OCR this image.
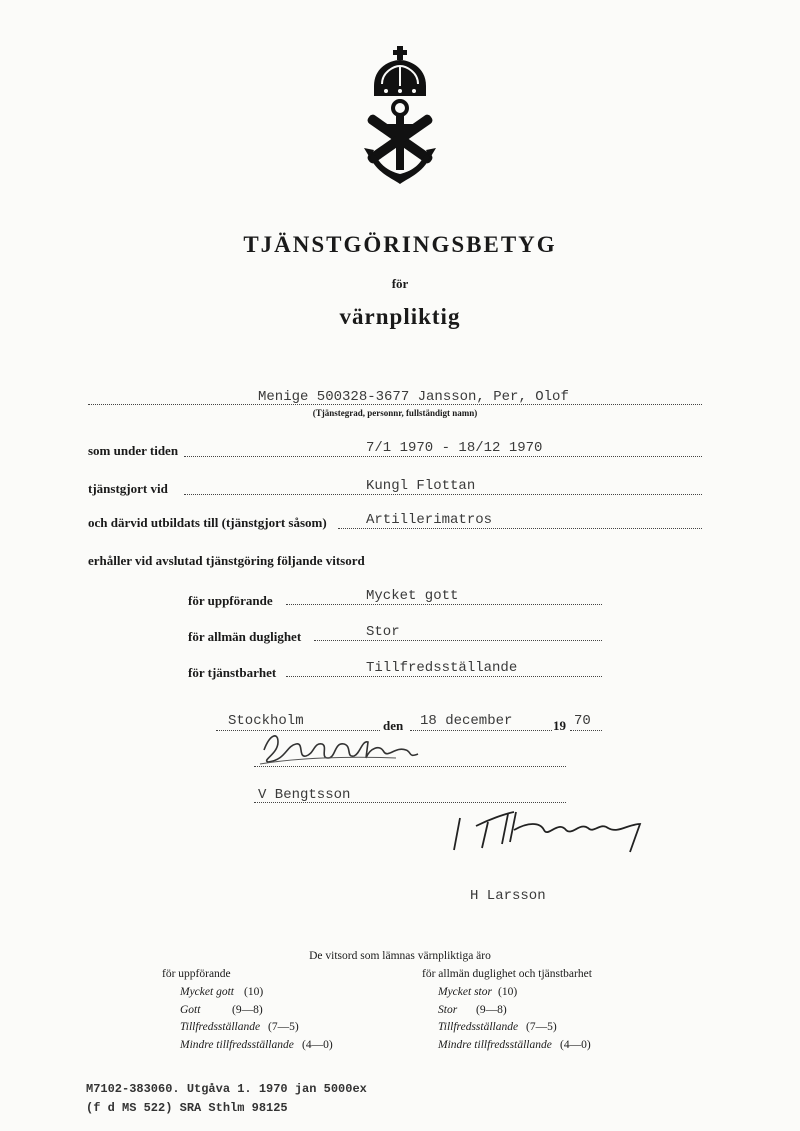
TJÄNSTGÖRINGSBETYG
för
värnpliktig
Menige 500328-3677 Jansson, Per, Olof
(Tjänstegrad, personnr, fullständigt namn)
som under tiden	7/1 1970 - 18/12 1970
tjänstgjort vid	Kungl Flottan
och därvid utbildats till (tjänstgjort såsom)	Artillerimatros
erhåller vid avslutad tjänstgöring följande vitsord
för uppförande	Mycket gott
för allmän duglighet	Stor
för tjänstbarhet	Tillfredsställande
Stockholm	den 18 december	19 70
V Bengtsson
H Larsson
De vitsord som lämnas värnpliktiga äro
för uppförande
Mycket gott (10)
Gott	(9—8)
Tillfredsställande (7—5)
Mindre tillfredsställande (4—0)
för allmän duglighet och tjänstbarhet
Mycket stor (10)
Stor (9—8)
Tillfredsställande (7—5)
Mindre tillfredsställande (4—0)
M7102-383060. Utgåva 1. 1970 jan 5000ex
(f d MS 522) SRA Sthlm 98125
